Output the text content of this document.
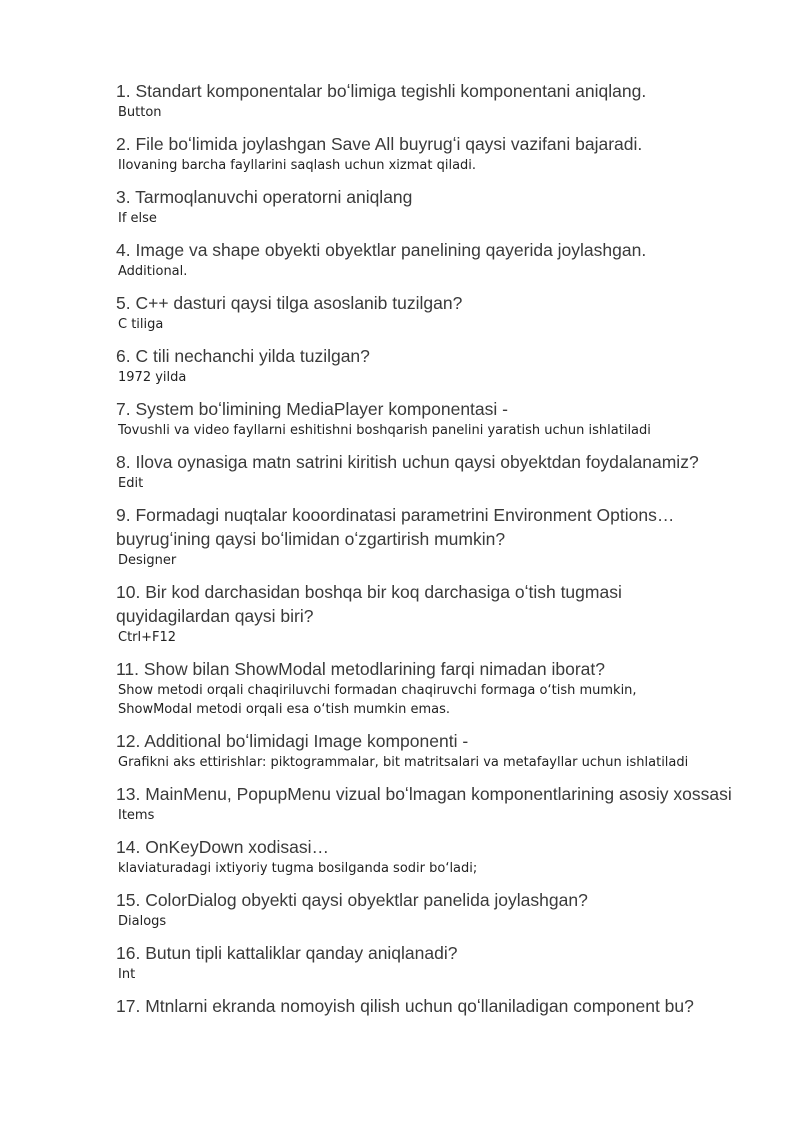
1. Standart komponentalar boʻlimiga tegishli komponentani aniqlang.

Button

2. File boʻlimida joylashgan Save All buyrugʻi qaysi vazifani bajaradi.

Ilovaning barcha fayllarini saqlash uchun xizmat qiladi.

3. Tarmoqlanuvchi operatorni aniqlang

If else

4. Image va shape obyekti obyektlar panelining qayerida joylashgan.

Additional.

5. C++ dasturi qaysi tilga asoslanib tuzilgan?

C tiliga

6. C tili nechanchi yilda tuzilgan?

1972 yilda

7. System boʻlimining MediaPlayer komponentasi -

Tovushli va video fayllarni eshitishni boshqarish panelini yaratish uchun ishlatiladi

8. Ilova oynasiga matn satrini kiritish uchun qaysi obyektdan foydalanamiz?

Edit

9. Formadagi nuqtalar kooordinatasi parametrini Environment Options… buyrugʻining qaysi boʻlimidan oʻzgartirish mumkin?

Designer

10. Bir kod darchasidan boshqa bir koq darchasiga oʻtish tugmasi quyidagilardan qaysi biri?

Ctrl+F12

11. Show bilan ShowModal metodlarining farqi nimadan iborat?

Show metodi orqali chaqiriluvchi formadan chaqiruvchi formaga o‘tish mumkin,
ShowModal metodi orqali esa o‘tish mumkin emas.

12. Additional boʻlimidagi Image komponenti -

Grafikni aks ettirishlar: piktogrammalar, bit matritsalari va metafayllar uchun ishlatiladi

13. MainMenu, PopupMenu vizual boʻlmagan komponentlarining asosiy xossasi

Items

14. OnKeyDown xodisasi…

klaviaturadagi ixtiyoriy tugma bosilganda sodir bo‘ladi;

15. ColorDialog obyekti qaysi obyektlar panelida joylashgan?

Dialogs

16. Butun tipli kattaliklar qanday aniqlanadi?

Int

17. Mtnlarni ekranda nomoyish qilish uchun qoʻllaniladigan component bu?
